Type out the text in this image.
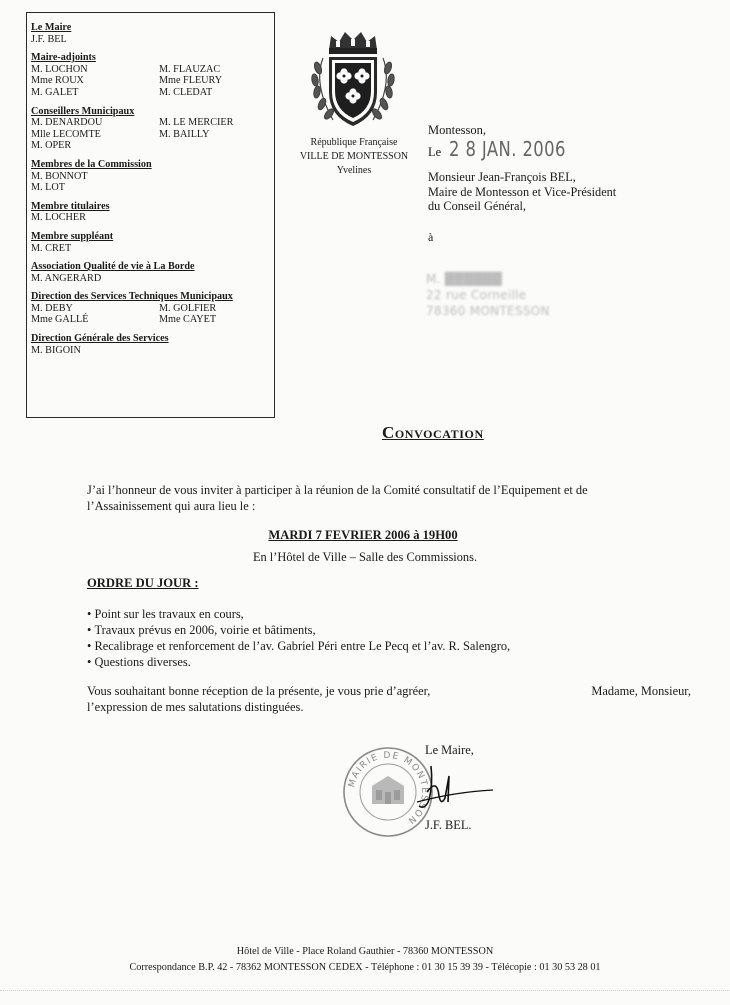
Le Maire
J.F. BEL
Maire-adjoints
M. LOCHON	M. FLAUZAC
Mme ROUX	Mme FLEURY
M. GALET	M. CLEDAT
Conseillers Municipaux
M. DENARDOU	M. LE MERCIER
Mlle LECOMTE	M. BAILLY
M. OPER
Membres de la Commission
M. BONNOT
M. LOT
Membre titulaires
M. LOCHER
Membre suppléant
M. CRET
Association Qualité de vie à La Borde
M. ANGERARD
Direction des Services Techniques Municipaux
M. DEBY	M. GOLFIER
Mme GALLÉ	Mme CAYET
Direction Générale des Services
M. BIGOIN
République Française
VILLE DE MONTESSON
Yvelines
Montesson,
Le 2 8 JAN. 2006
Monsieur Jean-François BEL,
Maire de Montesson et Vice-Président
du Conseil Général,
à
M. ██████
22 rue Corneille
78360 MONTESSON
Convocation
J’ai l’honneur de vous inviter à participer à la réunion de la Comité consultatif de l’Equipement et de
l’Assainissement qui aura lieu le :
MARDI 7 FEVRIER 2006 à 19H00
En l’Hôtel de Ville – Salle des Commissions.
ORDRE DU JOUR :
• Point sur les travaux en cours,
• Travaux prévus en 2006, voirie et bâtiments,
• Recalibrage et renforcement de l’av. Gabriel Péri entre Le Pecq et l’av. R. Salengro,
• Questions diverses.
Vous souhaitant bonne réception de la présente, je vous prie d’agréer,	Madame, Monsieur,
l’expression de mes salutations distinguées.
Le Maire,
MAIRIE DE MONTESSON J.F. BEL.
Hôtel de Ville - Place Roland Gauthier - 78360 MONTESSON
Correspondance B.P. 42 - 78362 MONTESSON CEDEX - Téléphone : 01 30 15 39 39 - Télécopie : 01 30 53 28 01
